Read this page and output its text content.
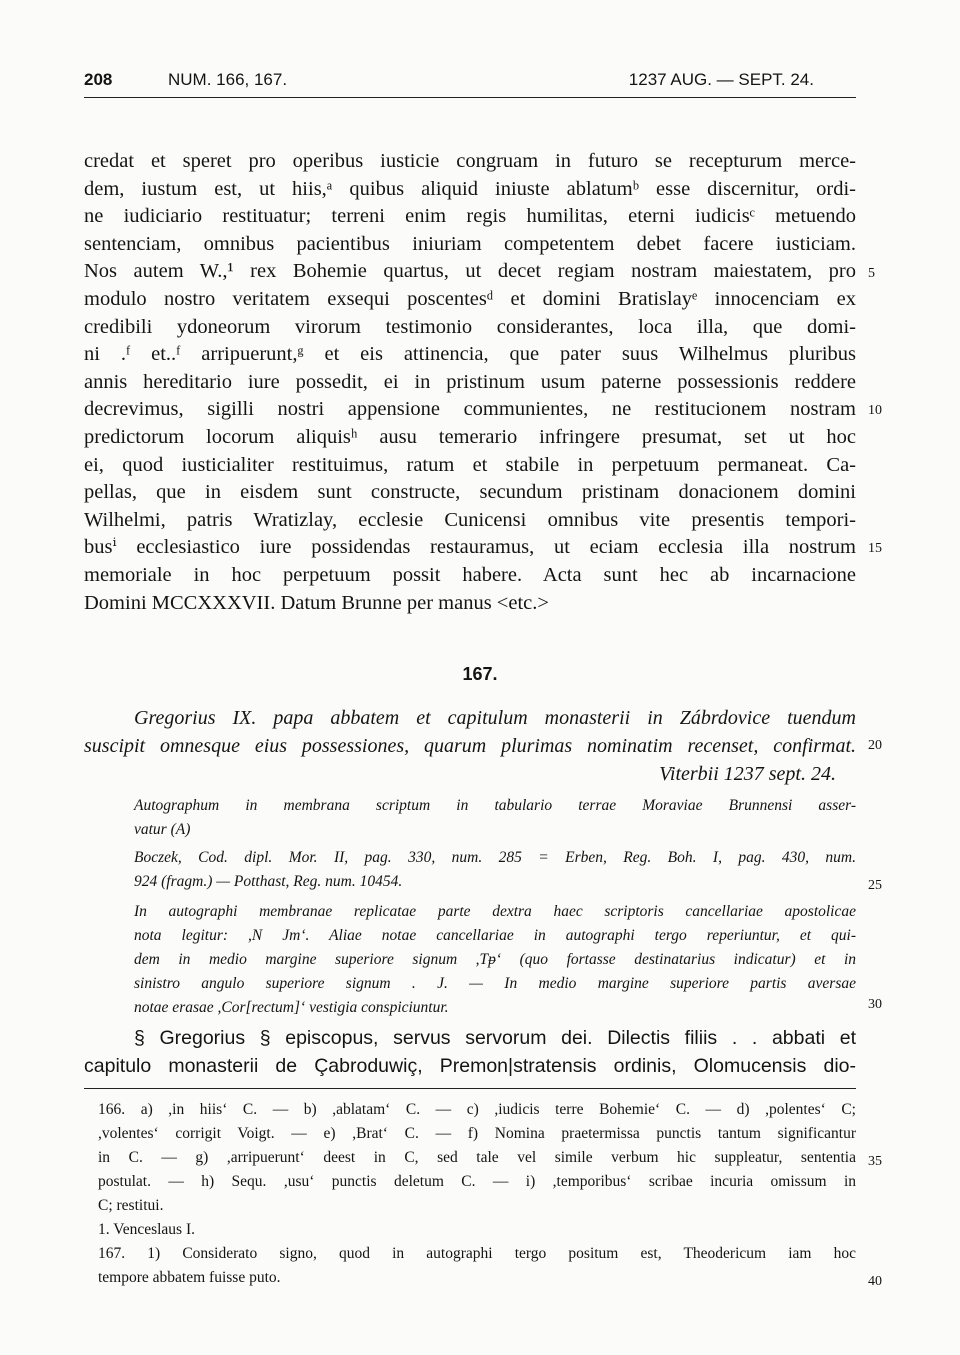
208	NUM. 166, 167.	1237 AUG. — SEPT. 24.
credat et speret pro operibus iusticie congruam in futuro se recepturum merce-
dem, iustum est, ut hiis,ᵃ quibus aliquid iniuste ablatumᵇ esse discernitur, ordi-
ne iudiciario restituatur; terreni enim regis humilitas, eterni iudicisᶜ metuendo
sentenciam, omnibus pacientibus iniuriam competentem debet facere iusticiam.
Nos autem W.,¹ rex Bohemie quartus, ut decet regiam nostram maiestatem, pro
modulo nostro veritatem exsequi poscentesᵈ et domini Bratislayᵉ innocenciam ex
credibili ydoneorum virorum testimonio considerantes, loca illa, que domi-
ni .ᶠ et..ᶠ arripuerunt,ᵍ et eis attinencia, que pater suus Wilhelmus pluribus
annis hereditario iure possedit, ei in pristinum usum paterne possessionis reddere
decrevimus, sigilli nostri appensione communientes, ne restitucionem nostram
predictorum locorum aliquisʰ ausu temerario infringere presumat, set ut hoc
ei, quod iusticialiter restituimus, ratum et stabile in perpetuum permaneat. Ca-
pellas, que in eisdem sunt constructe, secundum pristinam donacionem domini
Wilhelmi, patris Wratizlay, ecclesie Cunicensi omnibus vite presentis tempori-
busⁱ ecclesiastico iure possidendas restauramus, ut eciam ecclesia illa nostrum
memoriale in hoc perpetuum possit habere. Acta sunt hec ab incarnacione
Domini MCCXXXVII. Datum Brunne per manus <etc.>
5
10
15
167.
Gregorius IX. papa abbatem et capitulum monasterii in Zábrdovice tuendum
suscipit omnesque eius possessiones, quarum plurimas nominatim recenset, confirmat.
Viterbii 1237 sept. 24.
20
Autographum in membrana scriptum in tabulario terrae Moraviae Brunnensi asser-
vatur (A)
Boczek, Cod. dipl. Mor. II, pag. 330, num. 285 = Erben, Reg. Boh. I, pag. 430, num.
924 (fragm.) — Potthast, Reg. num. 10454.	25
In autographi membranae replicatae parte dextra haec scriptoris cancellariae apostolicae
nota legitur: ,N Jm‘. Aliae notae cancellariae in autographi tergo reperiuntur, et qui-
dem in medio margine superiore signum ,Tᵽ‘ (quo fortasse destinatarius indicatur) et in
sinistro angulo superiore signum . J. — In medio margine superiore partis aversae
notae erasae ,Cor[rectum]‘ vestigia conspiciuntur.	30
§ Gregorius § episcopus, servus servorum dei. Dilectis filiis . . abbati et
capitulo monasterii de Çabroduwiç, Premon|stratensis ordinis, Olomucensis dio-
166. a) ,in hiis‘ C. — b) ,ablatam‘ C. — c) ,iudicis terre Bohemie‘ C. — d) ,polentes‘ C;
,volentes‘ corrigit Voigt. — e) ,Brat‘ C. — f) Nomina praetermissa punctis tantum significantur
in C. — g) ,arripuerunt‘ deest in C, sed tale vel simile verbum hic suppleatur, sententia
postulat. — h) Sequ. ,usu‘ punctis deletum C. — i) ,temporibus‘ scribae incuria omissum in
C; restitui.
1. Venceslaus I.
167. 1) Considerato signo, quod in autographi tergo positum est, Theodericum iam hoc
tempore abbatem fuisse puto.
35
40
